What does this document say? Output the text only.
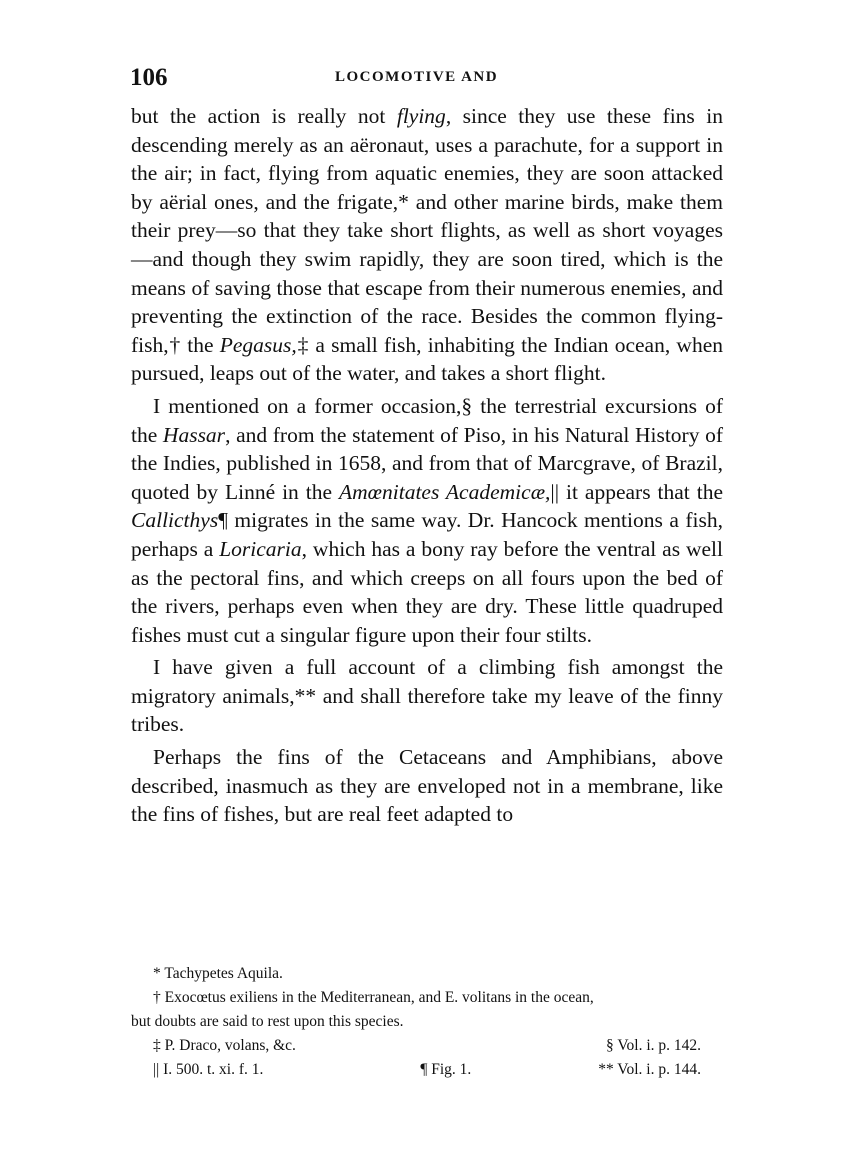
106	LOCOMOTIVE AND

but the action is really not flying, since they use these fins in descending merely as an aëronaut, uses a parachute, for a support in the air; in fact, flying from aquatic enemies, they are soon attacked by aërial ones, and the frigate,* and other marine birds, make them their prey—so that they take short flights, as well as short voyages—and though they swim rapidly, they are soon tired, which is the means of saving those that escape from their numerous enemies, and preventing the extinction of the race. Besides the common flying-fish,† the Pegasus,‡ a small fish, inhabiting the Indian ocean, when pursued, leaps out of the water, and takes a short flight.

I mentioned on a former occasion,§ the terrestrial excursions of the Hassar, and from the statement of Piso, in his Natural History of the Indies, published in 1658, and from that of Marcgrave, of Brazil, quoted by Linné in the Amœnitates Academicæ,|| it appears that the Callicthys¶ migrates in the same way. Dr. Hancock mentions a fish, perhaps a Loricaria, which has a bony ray before the ventral as well as the pectoral fins, and which creeps on all fours upon the bed of the rivers, perhaps even when they are dry. These little quadruped fishes must cut a singular figure upon their four stilts.

I have given a full account of a climbing fish amongst the migratory animals,** and shall therefore take my leave of the finny tribes.

Perhaps the fins of the Cetaceans and Amphibians, above described, inasmuch as they are enveloped not in a membrane, like the fins of fishes, but are real feet adapted to

* Tachypetes Aquila.
† Exocœtus exiliens in the Mediterranean, and E. volitans in the ocean,
but doubts are said to rest upon this species.
‡ P. Draco, volans, &c.	§ Vol. i. p. 142.
|| I. 500. t. xi. f. 1.	¶ Fig. 1.	** Vol. i. p. 144.
